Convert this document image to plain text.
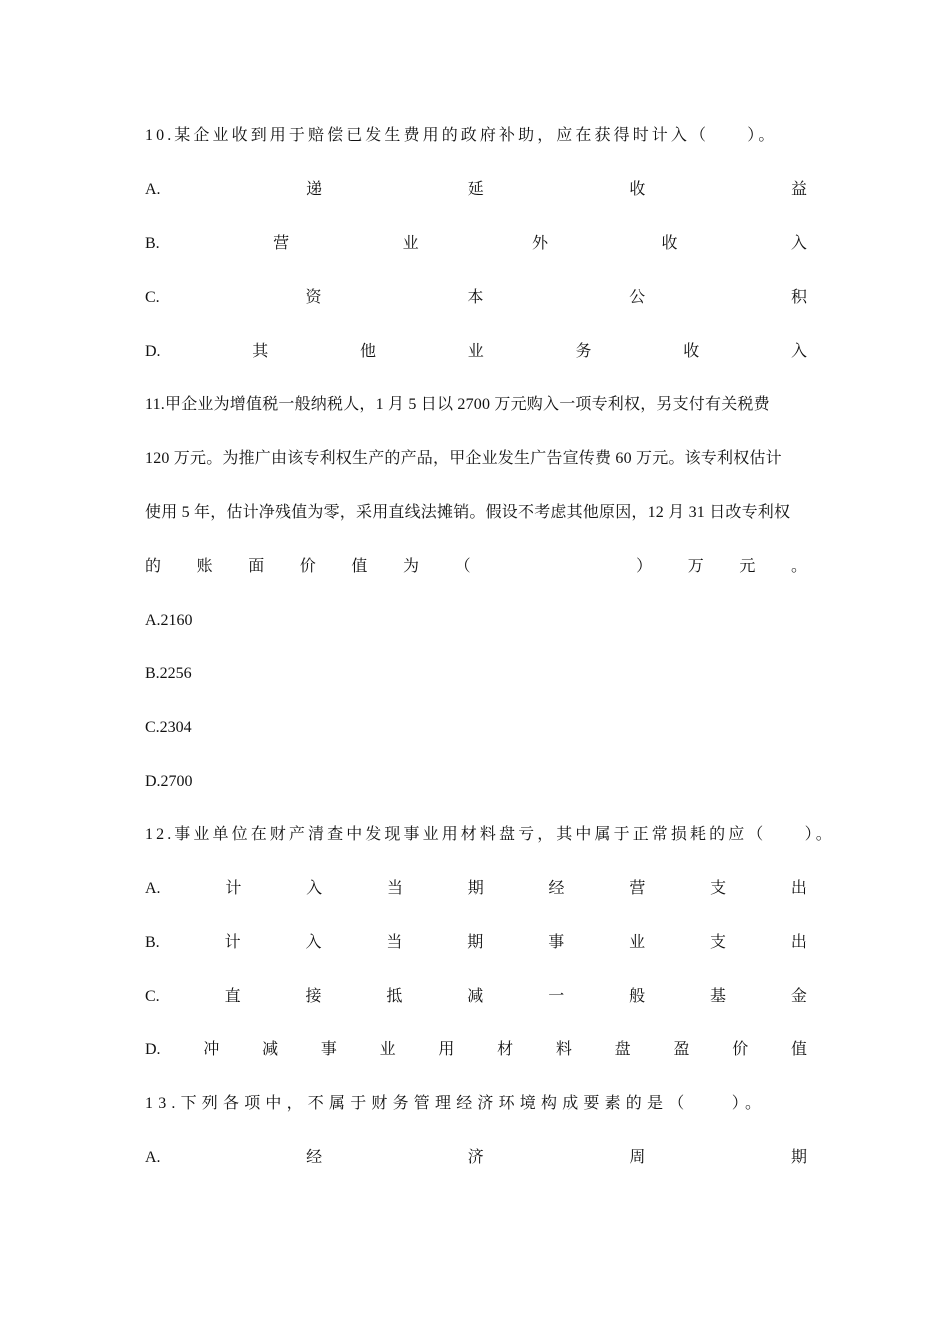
10.某企业收到用于赔偿已发生费用的政府补助，应在获得时计入（　　）。
A.	递	延	收	益
B.	营	业	外	收	入
C.	资	本	公	积
D.	其	他	业	务	收	入
11.甲企业为增值税一般纳税人，1 月 5 日以 2700 万元购入一项专利权，另支付有关税费
120 万元。为推广由该专利权生产的产品，甲企业发生广告宣传费 60 万元。该专利权估计
使用 5 年，估计净残值为零，采用直线法摊销。假设不考虑其他原因，12 月 31 日改专利权
的 账 面 价 值 为 （	） 万 元 。
A.2160
B.2256
C.2304
D.2700
12.事业单位在财产清查中发现事业用材料盘亏，其中属于正常损耗的应（　　）。
A.	计	入	当	期	经	营	支	出
B.	计	入	当	期	事	业	支	出
C.	直	接	抵	减	一	般	基	金
D.	冲	减	事	业	用	材	料	盘	盈	价	值
13.下列各项中，不属于财务管理经济环境构成要素的是（　　）。
A.	经	济	周	期
